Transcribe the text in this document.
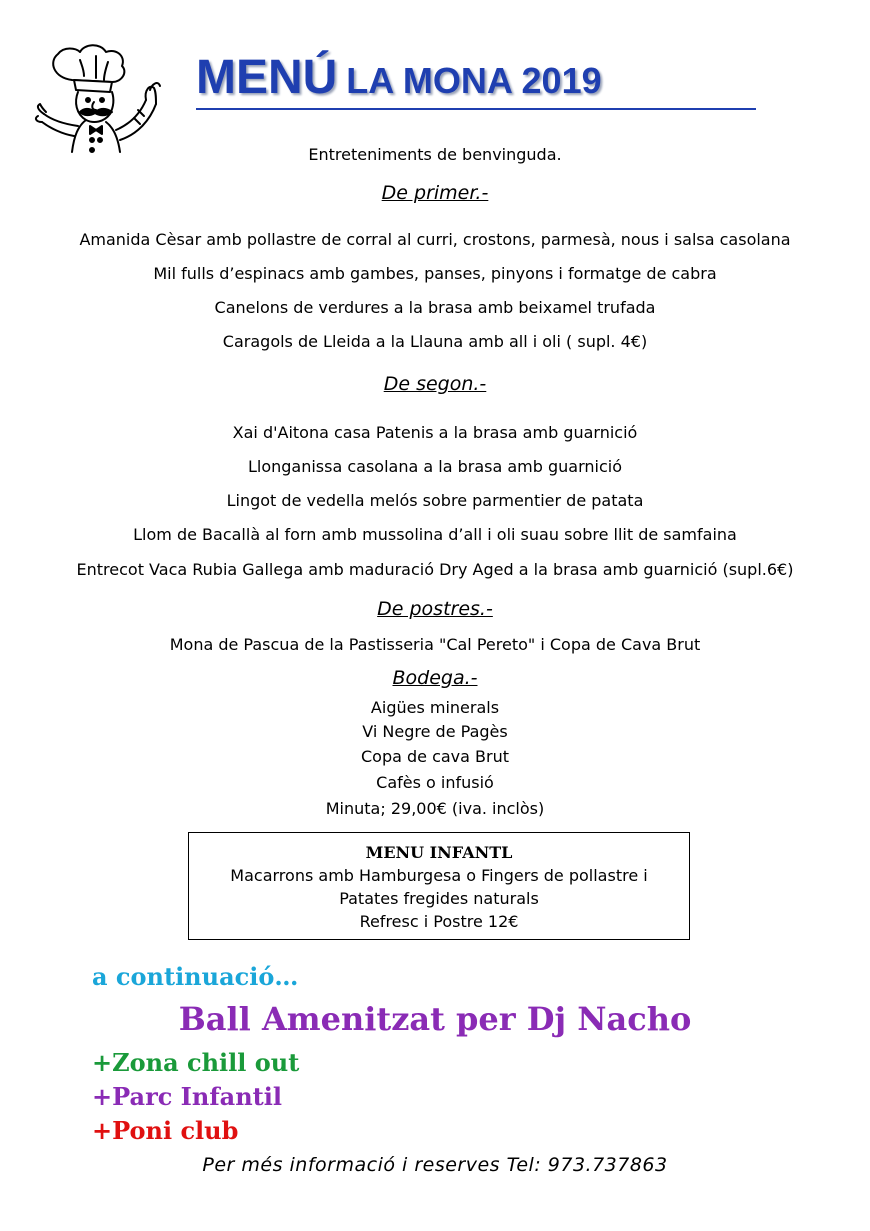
MENÚ LA MONA 2019
Entreteniments de benvinguda.
De primer.-
Amanida Cèsar amb pollastre de corral al curri, crostons, parmesà, nous i salsa casolana
Mil fulls d’espinacs amb gambes, panses, pinyons i formatge de cabra
Canelons de verdures a la brasa amb beixamel trufada
Caragols de Lleida a la Llauna amb all i oli ( supl. 4€)
De segon.-
Xai d'Aitona casa Patenis a la brasa amb guarnició
Llonganissa casolana a la brasa amb guarnició
Lingot de vedella melós sobre parmentier de patata
Llom de Bacallà al forn amb mussolina d’all i oli suau sobre llit de samfaina
Entrecot Vaca Rubia Gallega amb maduració Dry Aged a la brasa amb guarnició (supl.6€)
De postres.-
Mona de Pascua de la Pastisseria "Cal Pereto" i Copa de Cava Brut
Bodega.-
Aigües minerals
Vi Negre de Pagès
Copa de cava Brut
Cafès o infusió
Minuta; 29,00€ (iva. inclòs)
MENU INFANTL
Macarrons amb Hamburgesa o Fingers de pollastre i
Patates fregides naturals
Refresc i Postre 12€
a continuació…
Ball Amenitzat per Dj Nacho
+Zona chill out
+Parc Infantil
+Poni club
Per més informació i reserves Tel: 973.737863
